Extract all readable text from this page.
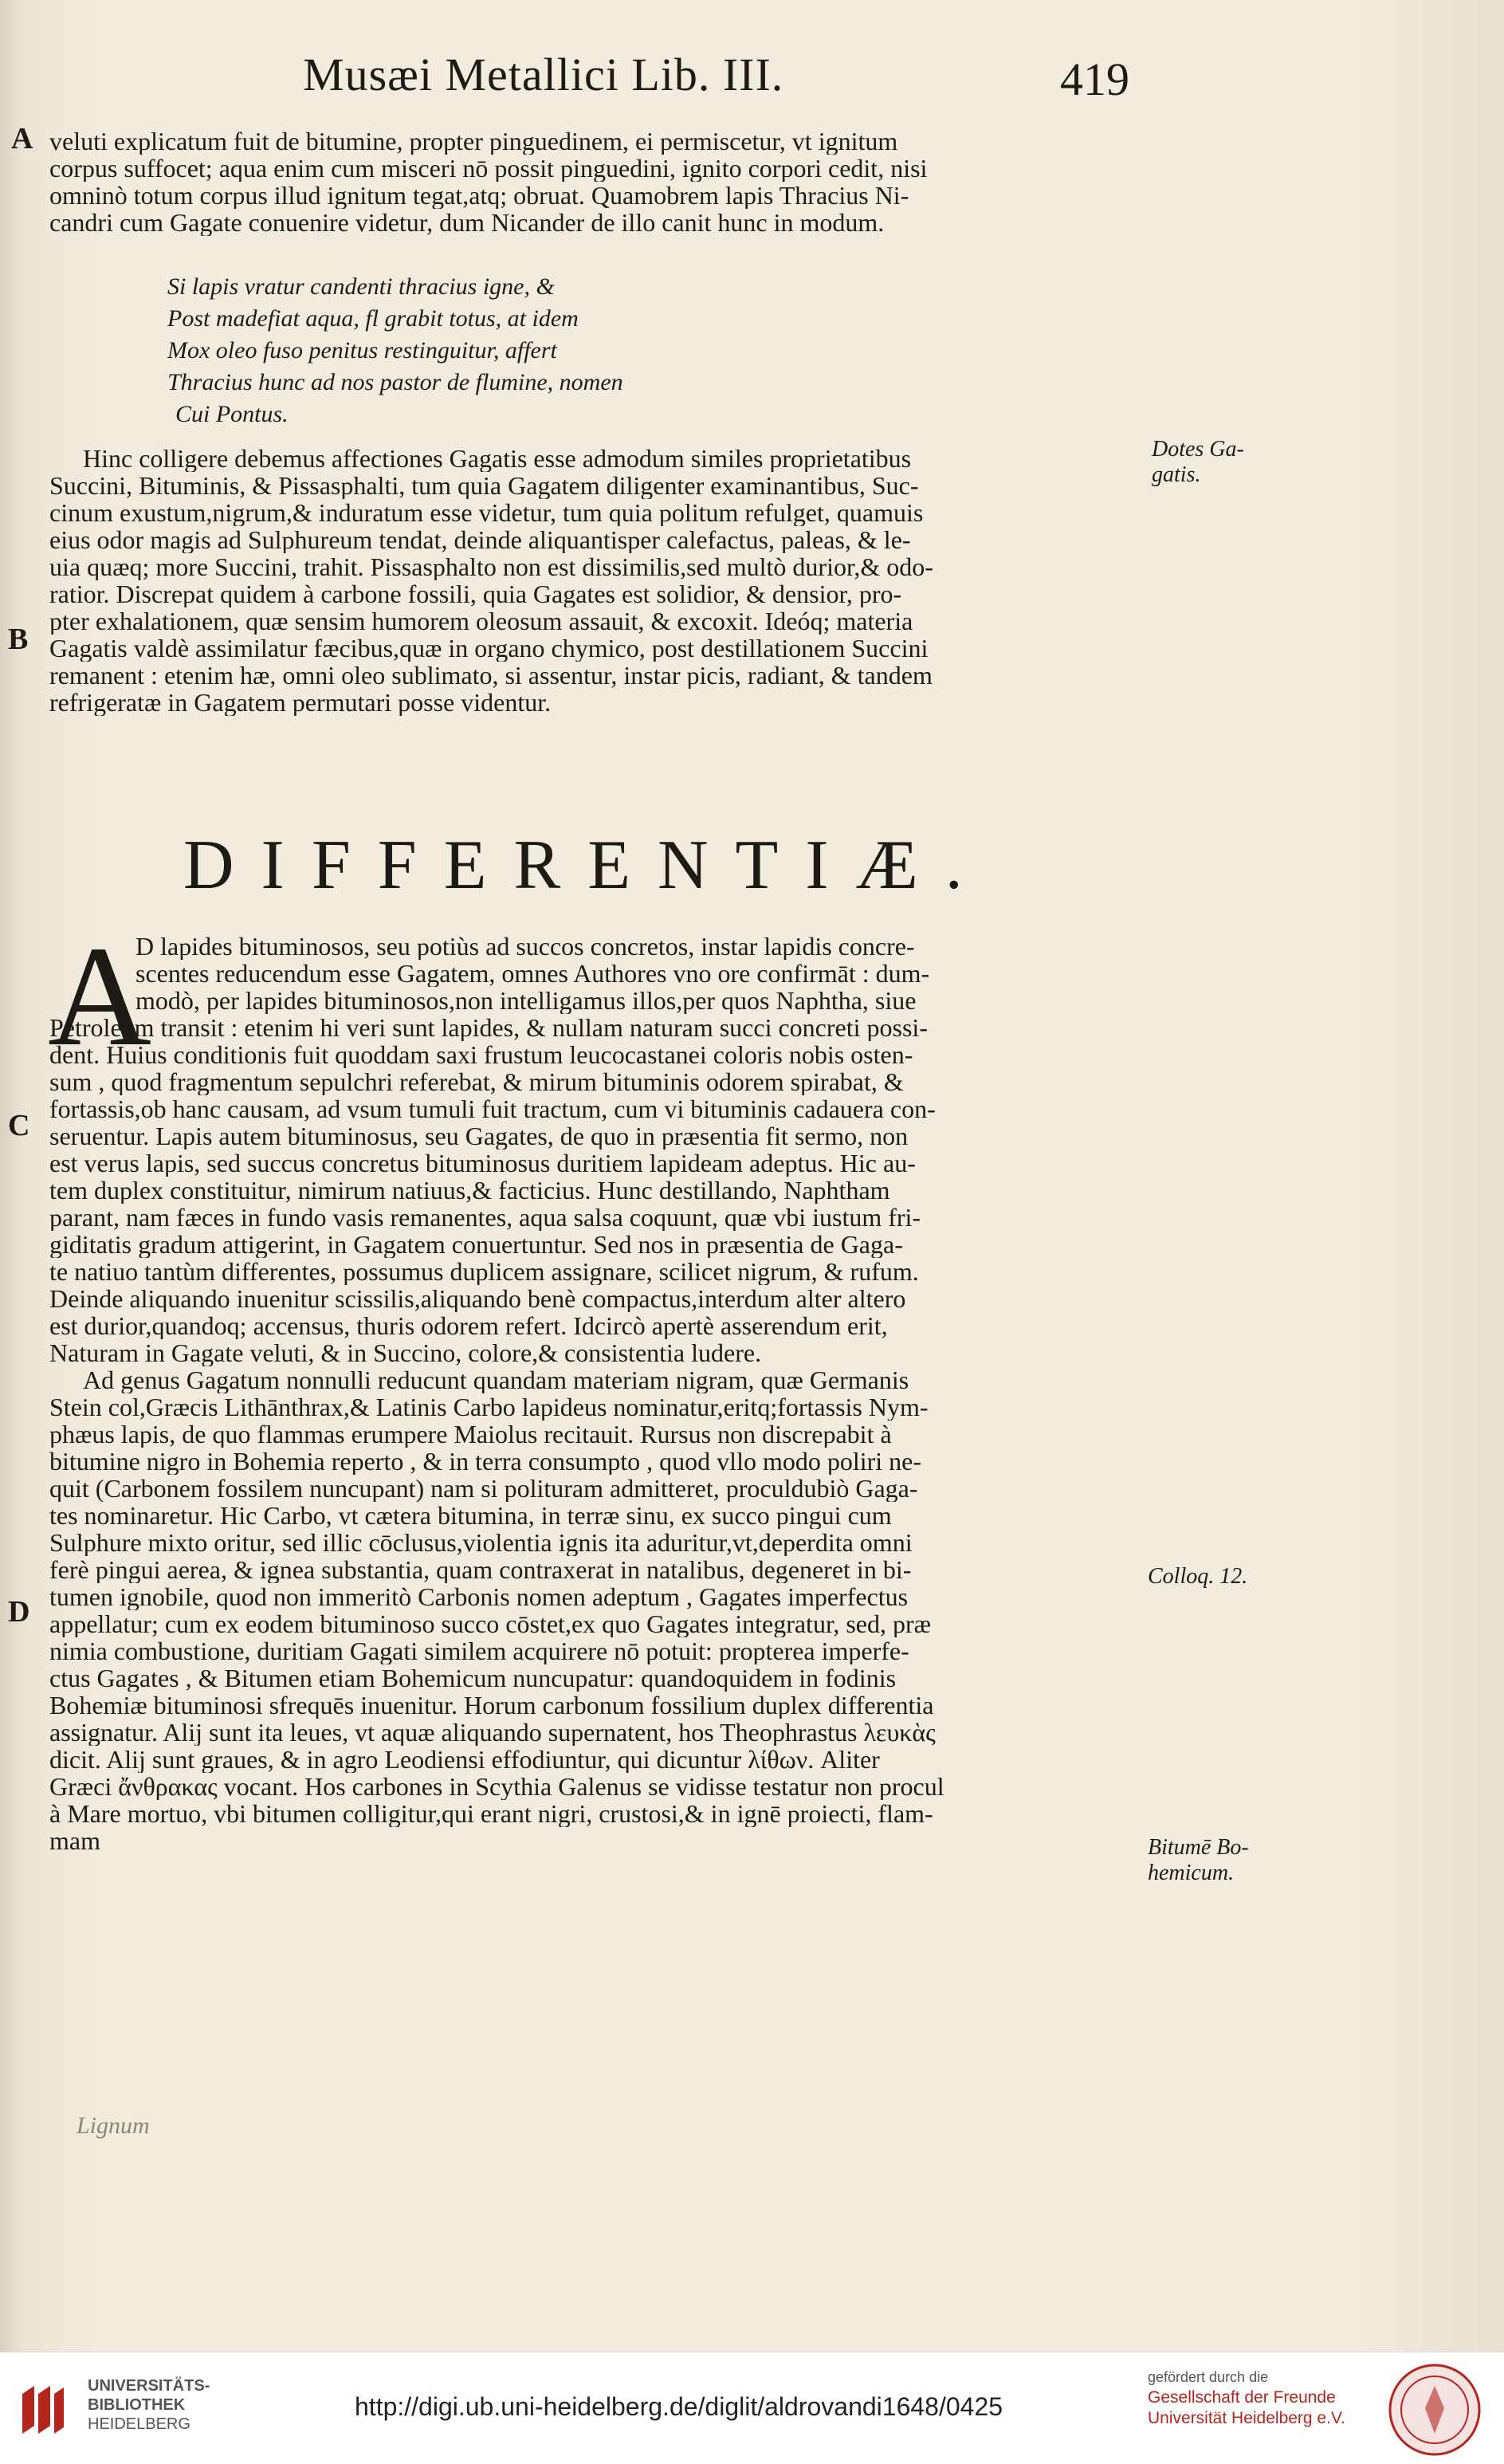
Musæi Metallici Lib. III.	419
A
B
C
D
veluti explicatum fuit de bitumine, propter pinguedinem, ei permiscetur, vt ignitum
corpus suffocet; aqua enim cum misceri nō possit pinguedini, ignito corpori cedit, nisi
omninò totum corpus illud ignitum tegat,atq; obruat. Quamobrem lapis Thracius Ni-
candri cum Gagate conuenire videtur, dum Nicander de illo canit hunc in modum.
Si lapis vratur candenti thracius igne, &
Post madefiat aqua, fl grabit totus, at idem
Mox oleo fuso penitus restinguitur, affert
Thracius hunc ad nos pastor de flumine, nomen
Cui Pontus.
Hinc colligere debemus affectiones Gagatis esse admodum similes proprietatibus
Succini, Bituminis, & Pissasphalti, tum quia Gagatem diligenter examinantibus, Suc-
cinum exustum,nigrum,& induratum esse videtur, tum quia politum refulget, quamuis
eius odor magis ad Sulphureum tendat, deinde aliquantisper calefactus, paleas, & le-
uia quæq; more Succini, trahit. Pissasphalto non est dissimilis,sed multò durior,& odo-
ratior. Discrepat quidem à carbone fossili, quia Gagates est solidior, & densior, pro-
pter exhalationem, quæ sensim humorem oleosum assauit, & excoxit. Ideóq; materia
Gagatis valdè assimilatur fæcibus,quæ in organo chymico, post destillationem Succini
remanent : etenim hæ, omni oleo sublimato, si assentur, instar picis, radiant, & tandem
refrigeratæ in Gagatem permutari posse videntur.
Dotes Ga-
gatis.
DIFFERENTIÆ.
A
D lapides bituminosos, seu potiùs ad succos concretos, instar lapidis concre-
scentes reducendum esse Gagatem, omnes Authores vno ore confirmāt : dum-
modò, per lapides bituminosos,non intelligamus illos,per quos Naphtha, siue
Petroleum transit : etenim hi veri sunt lapides, & nullam naturam succi concreti possi-
dent. Huius conditionis fuit quoddam saxi frustum leucocastanei coloris nobis osten-
sum , quod fragmentum sepulchri referebat, & mirum bituminis odorem spirabat, &
fortassis,ob hanc causam, ad vsum tumuli fuit tractum, cum vi bituminis cadauera con-
seruentur. Lapis autem bituminosus, seu Gagates, de quo in præsentia fit sermo, non
est verus lapis, sed succus concretus bituminosus duritiem lapideam adeptus. Hic au-
tem duplex constituitur, nimirum natiuus,& facticius. Hunc destillando, Naphtham
parant, nam fæces in fundo vasis remanentes, aqua salsa coquunt, quæ vbi iustum fri-
giditatis gradum attigerint, in Gagatem conuertuntur. Sed nos in præsentia de Gaga-
te natiuo tantùm differentes, possumus duplicem assignare, scilicet nigrum, & rufum.
Deinde aliquando inuenitur scissilis,aliquando benè compactus,interdum alter altero
est durior,quandoq; accensus, thuris odorem refert. Idcircò apertè asserendum erit,
Naturam in Gagate veluti, & in Succino, colore,& consistentia ludere.
Ad genus Gagatum nonnulli reducunt quandam materiam nigram, quæ Germanis
Stein col,Græcis Lithānthrax,& Latinis Carbo lapideus nominatur,eritq;fortassis Nym-
phæus lapis, de quo flammas erumpere Maiolus recitauit. Rursus non discrepabit à
bitumine nigro in Bohemia reperto , & in terra consumpto , quod vllo modo poliri ne-
quit (Carbonem fossilem nuncupant) nam si polituram admitteret, proculdubiò Gaga-
tes nominaretur. Hic Carbo, vt cætera bitumina, in terræ sinu, ex succo pingui cum
Sulphure mixto oritur, sed illic cōclusus,violentia ignis ita aduritur,vt,deperdita omni
ferè pingui aerea, & ignea substantia, quam contraxerat in natalibus, degeneret in bi-
tumen ignobile, quod non immeritò Carbonis nomen adeptum , Gagates imperfectus
appellatur; cum ex eodem bituminoso succo cōstet,ex quo Gagates integratur, sed, præ
nimia combustione, duritiam Gagati similem acquirere nō potuit: propterea imperfe-
ctus Gagates , & Bitumen etiam Bohemicum nuncupatur: quandoquidem in fodinis
Bohemiæ bituminosi sfrequēs inuenitur. Horum carbonum fossilium duplex differentia
assignatur. Alij sunt ita leues, vt aquæ aliquando supernatent, hos Theophrastus λευκὰς
dicit. Alij sunt graues, & in agro Leodiensi effodiuntur, qui dicuntur λίθων. Aliter
Græci ἄνθρακας vocant. Hos carbones in Scythia Galenus se vidisse testatur non procul
à Mare mortuo, vbi bitumen colligitur,qui erant nigri, crustosi,& in ignē proiecti, flam-
mam
Colloq. 12.
Bitumē Bo-
hemicum.
Lignum
UNIVERSITÄTS-
BIBLIOTHEK
HEIDELBERG
http://digi.ub.uni-heidelberg.de/diglit/aldrovandi1648/0425
gefördert durch die
Gesellschaft der Freunde
Universität Heidelberg e.V.
